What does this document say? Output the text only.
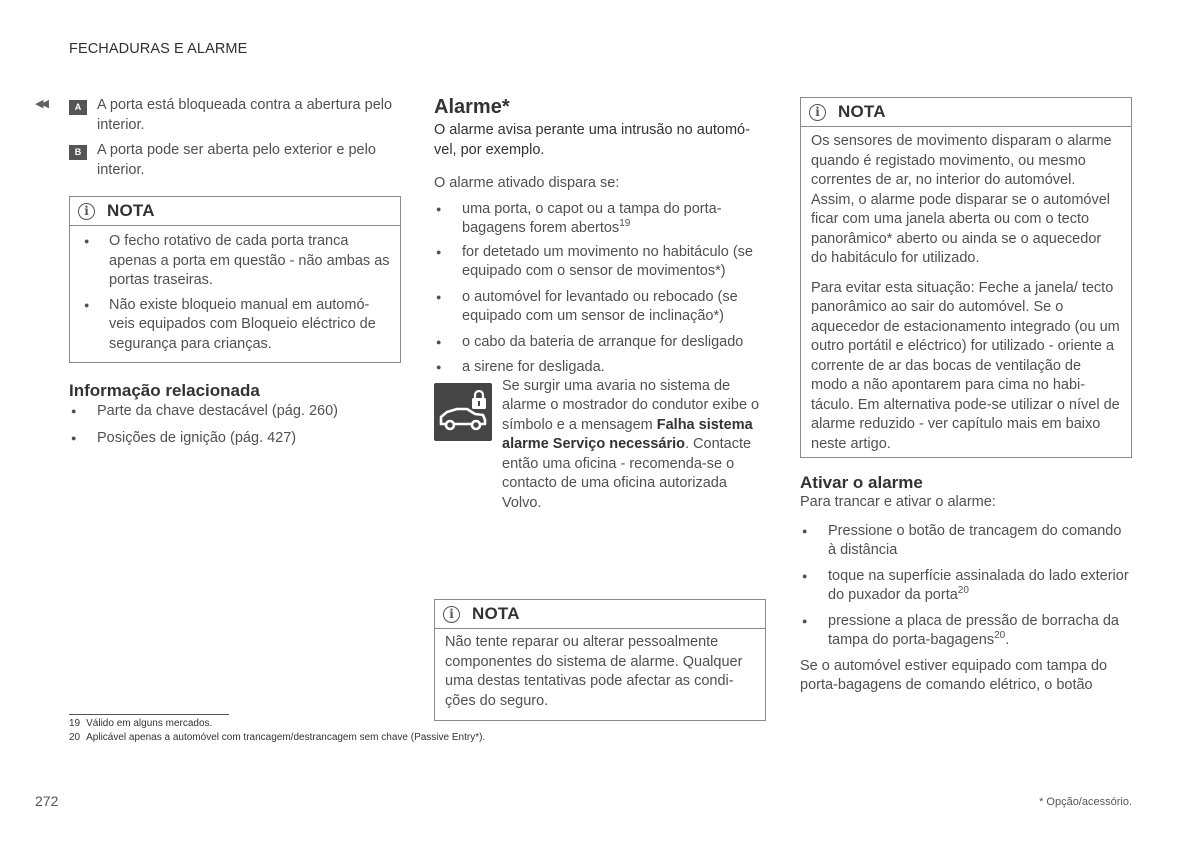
FECHADURAS E ALARME
◀◀	A	A porta está bloqueada contra a abertura pelo interior.
B	A porta pode ser aberta pelo exterior e pelo interior.
i	NOTA
● O fecho rotativo de cada porta tranca apenas a porta em questão - não ambas as portas traseiras.
● Não existe bloqueio manual em automóveis equipados com Bloqueio eléctrico de segurança para crianças.
Informação relacionada
● Parte da chave destacável (pág. 260)
● Posições de ignição (pág. 427)
Alarme*

O alarme avisa perante uma intrusão no automóvel, por exemplo.

O alarme ativado dispara se:

● uma porta, o capot ou a tampa do porta-bagagens forem abertos$^{19}$
● for detetado um movimento no habitáculo (se equipado com o sensor de movimentos*)
● o automóvel for levantado ou rebocado (se equipado com um sensor de inclinação*)
● o cabo da bateria de arranque for desligado
● a sirene for desligada.
Se surgir uma avaria no sistema de alarme o mostrador do condutor exibe o símbolo e a mensagem Falha sistema alarme Serviço necessário. Contacte então uma oficina - recomenda-se o contacto de uma oficina autorizada Volvo.
i	NOTA

Não tente reparar ou alterar pessoalmente componentes do sistema de alarme. Qualquer uma destas tentativas pode afectar as condições do seguro.

i	NOTA

Os sensores de movimento disparam o alarme quando é registado movimento, ou mesmo correntes de ar, no interior do automóvel. Assim, o alarme pode disparar se o automóvel ficar com uma janela aberta ou com o tecto panorâmico* aberto ou ainda se o aquecedor do habitáculo for utilizado.

Para evitar esta situação: Feche a janela/ tecto panorâmico ao sair do automóvel. Se o aquecedor de estacionamento integrado (ou um outro portátil e eléctrico) for utilizado - oriente a corrente de ar das bocas de ventilação de modo a não apontarem para cima no habitáculo. Em alternativa pode-se utilizar o nível de alarme reduzido - ver capítulo mais em baixo neste artigo.

Ativar o alarme

Para trancar e ativar o alarme:

● Pressione o botão de trancagem do comando à distância
● toque na superfície assinalada do lado exterior do puxador da porta$^{20}$
● pressione a placa de pressão de borracha da tampa do porta-bagagens$^{20}$.

Se o automóvel estiver equipado com tampa do porta-bagagens de comando elétrico, o botão

19 Válido em alguns mercados.
20 Aplicável apenas a automóvel com trancagem/destrancagem sem chave (Passive Entry*).
272	* Opção/acessório.
